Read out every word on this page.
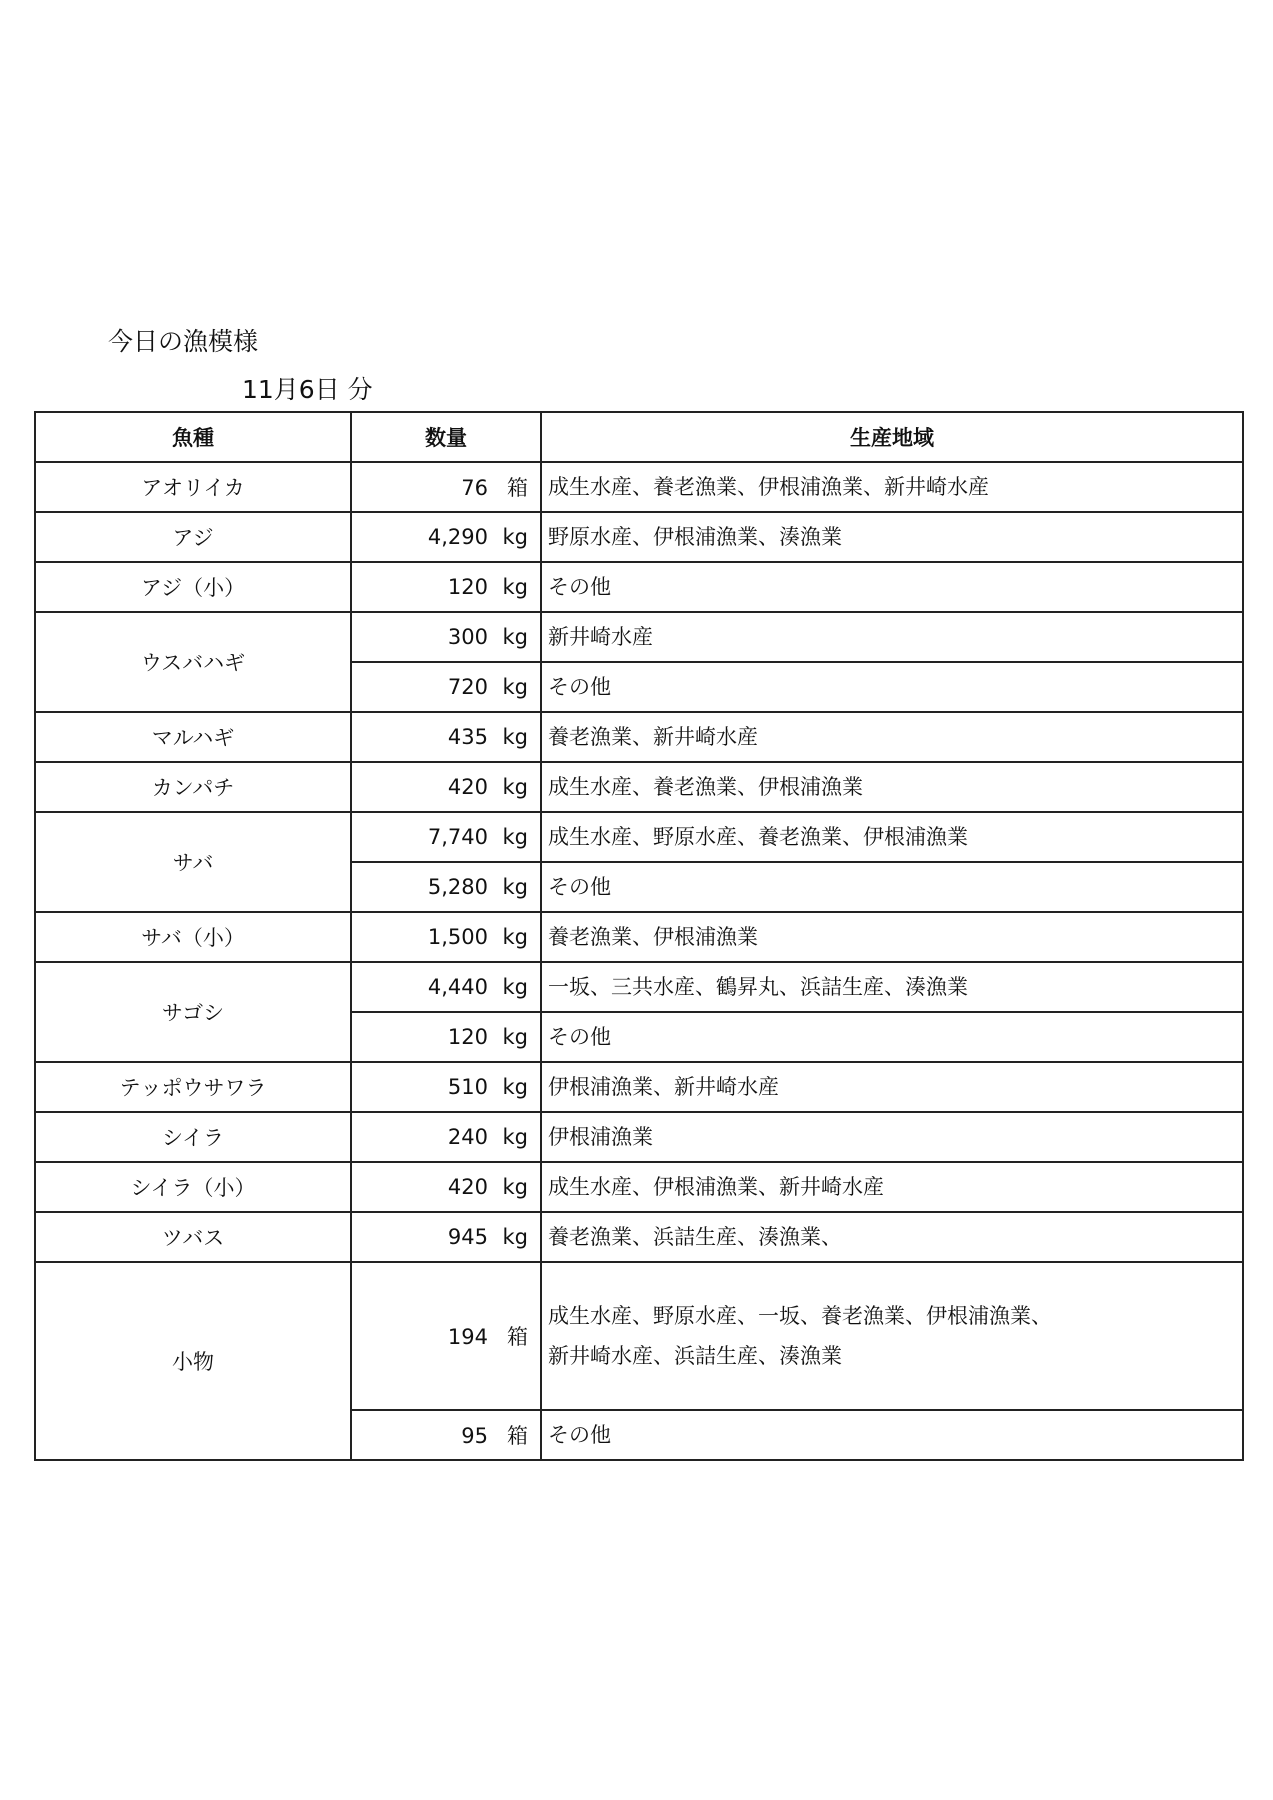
今日の漁模様
11月6日 分
魚種	数量	生産地域
アオリイカ	76 箱	成生水産、養老漁業、伊根浦漁業、新井崎水産

アジ	4,290 kg	野原水産、伊根浦漁業、湊漁業

アジ（小）	120 kg	その他

ウスバハギ	300 kg	新井崎水産

	720 kg	その他

マルハギ	435 kg	養老漁業、新井崎水産

カンパチ	420 kg	成生水産、養老漁業、伊根浦漁業

サバ	7,740 kg	成生水産、野原水産、養老漁業、伊根浦漁業

	5,280 kg	その他

サバ（小）	1,500 kg	養老漁業、伊根浦漁業

サゴシ	4,440 kg	一坂、三共水産、鶴昇丸、浜詰生産、湊漁業

	120 kg	その他

テッポウサワラ	510 kg	伊根浦漁業、新井崎水産

シイラ	240 kg	伊根浦漁業

シイラ（小）	420 kg	成生水産、伊根浦漁業、新井崎水産

ツバス	945 kg	養老漁業、浜詰生産、湊漁業、

小物	194 箱	成生水産、野原水産、一坂、養老漁業、伊根浦漁業、
新井崎水産、浜詰生産、湊漁業

	95 箱	その他
